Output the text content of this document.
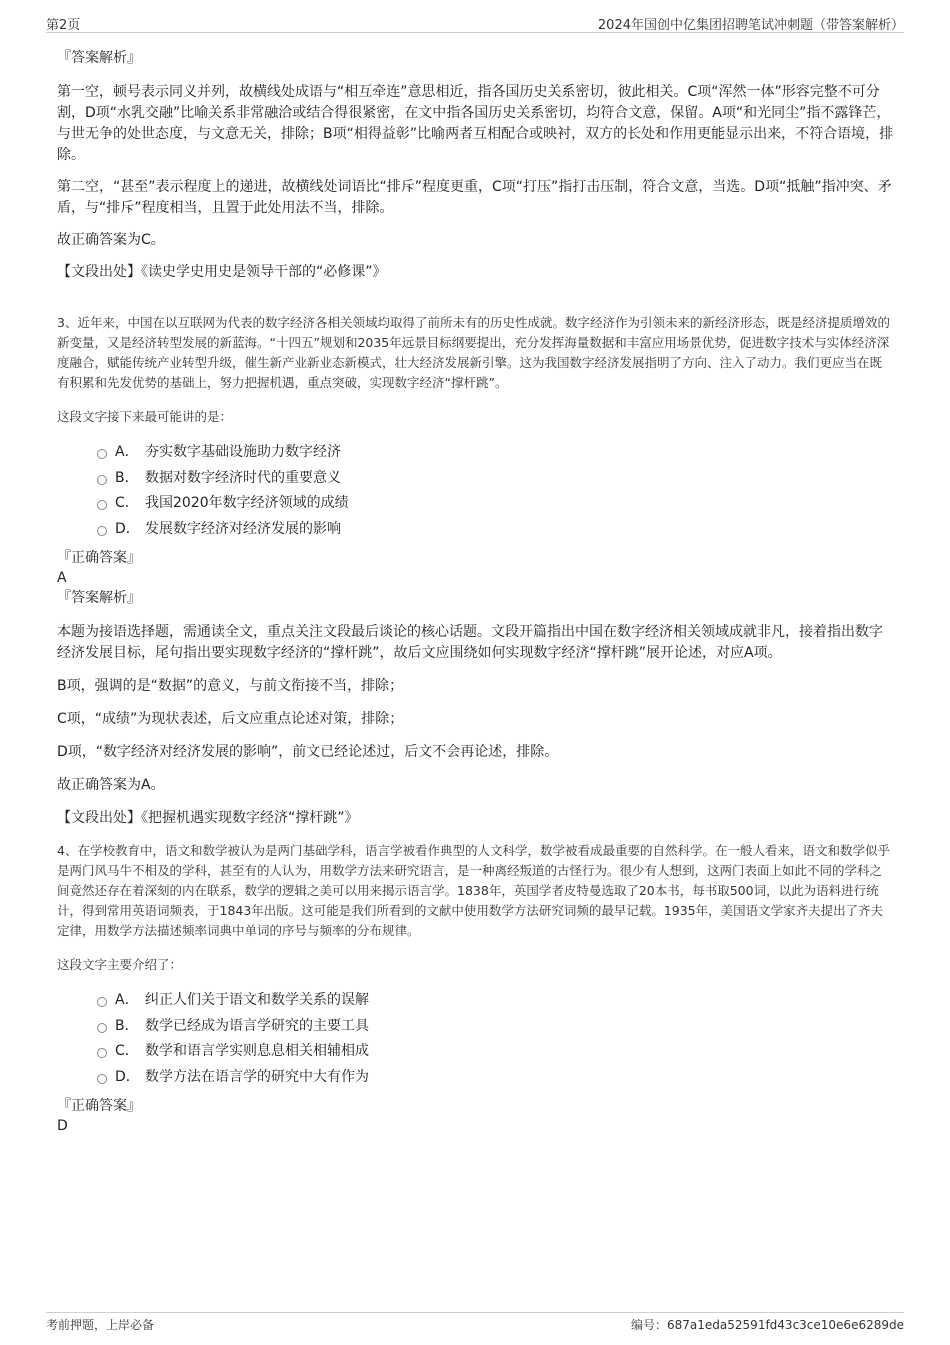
第2页	2024年国创中亿集团招聘笔试冲刺题（带答案解析）

『答案解析』

第一空，顿号表示同义并列，故横线处成语与“相互牵连”意思相近，指各国历史关系密切，彼此相关。C项“浑然一体”形容完整不可分割，D项“水乳交融”比喻关系非常融洽或结合得很紧密，在文中指各国历史关系密切，均符合文意，保留。A项“和光同尘”指不露锋芒，与世无争的处世态度，与文意无关，排除；B项“相得益彰”比喻两者互相配合或映衬，双方的长处和作用更能显示出来，不符合语境，排除。

第二空，“甚至”表示程度上的递进，故横线处词语比“排斥”程度更重，C项“打压”指打击压制，符合文意，当选。D项“抵触”指冲突、矛盾，与“排斥”程度相当，且置于此处用法不当，排除。

故正确答案为C。

【文段出处】《读史学史用史是领导干部的“必修课”》

3、近年来，中国在以互联网为代表的数字经济各相关领域均取得了前所未有的历史性成就。数字经济作为引领未来的新经济形态，既是经济提质增效的新变量，又是经济转型发展的新蓝海。“十四五”规划和2035年远景目标纲要提出，充分发挥海量数据和丰富应用场景优势，促进数字技术与实体经济深度融合，赋能传统产业转型升级，催生新产业新业态新模式，壮大经济发展新引擎。这为我国数字经济发展指明了方向、注入了动力。我们更应当在既有积累和先发优势的基础上，努力把握机遇，重点突破，实现数字经济“撑杆跳”。

这段文字接下来最可能讲的是：

A． 夯实数字基础设施助力数字经济
B． 数据对数字经济时代的重要意义
C． 我国2020年数字经济领域的成绩
D． 发展数字经济对经济发展的影响

『正确答案』

A

『答案解析』

本题为接语选择题，需通读全文，重点关注文段最后谈论的核心话题。文段开篇指出中国在数字经济相关领域成就非凡，接着指出数字经济发展目标，尾句指出要实现数字经济的“撑杆跳”，故后文应围绕如何实现数字经济“撑杆跳”展开论述，对应A项。

B项，强调的是“数据”的意义，与前文衔接不当，排除；

C项，“成绩”为现状表述，后文应重点论述对策，排除；

D项，“数字经济对经济发展的影响”，前文已经论述过，后文不会再论述，排除。

故正确答案为A。

【文段出处】《把握机遇实现数字经济“撑杆跳”》

4、在学校教育中，语文和数学被认为是两门基础学科，语言学被看作典型的人文科学，数学被看成最重要的自然科学。在一般人看来，语文和数学似乎是两门风马牛不相及的学科，甚至有的人认为，用数学方法来研究语言，是一种离经叛道的古怪行为。很少有人想到，这两门表面上如此不同的学科之间竟然还存在着深刻的内在联系，数学的逻辑之美可以用来揭示语言学。1838年，英国学者皮特曼选取了20本书，每书取500词，以此为语料进行统计，得到常用英语词频表，于1843年出版。这可能是我们所看到的文献中使用数学方法研究词频的最早记载。1935年，美国语文学家齐夫提出了齐夫定律，用数学方法描述频率词典中单词的序号与频率的分布规律。

这段文字主要介绍了：

A． 纠正人们关于语文和数学关系的误解
B． 数学已经成为语言学研究的主要工具
C． 数学和语言学实则息息相关相辅相成
D． 数学方法在语言学的研究中大有作为

『正确答案』

D

考前押题，上岸必备	编号：687a1eda52591fd43c3ce10e6e6289de
